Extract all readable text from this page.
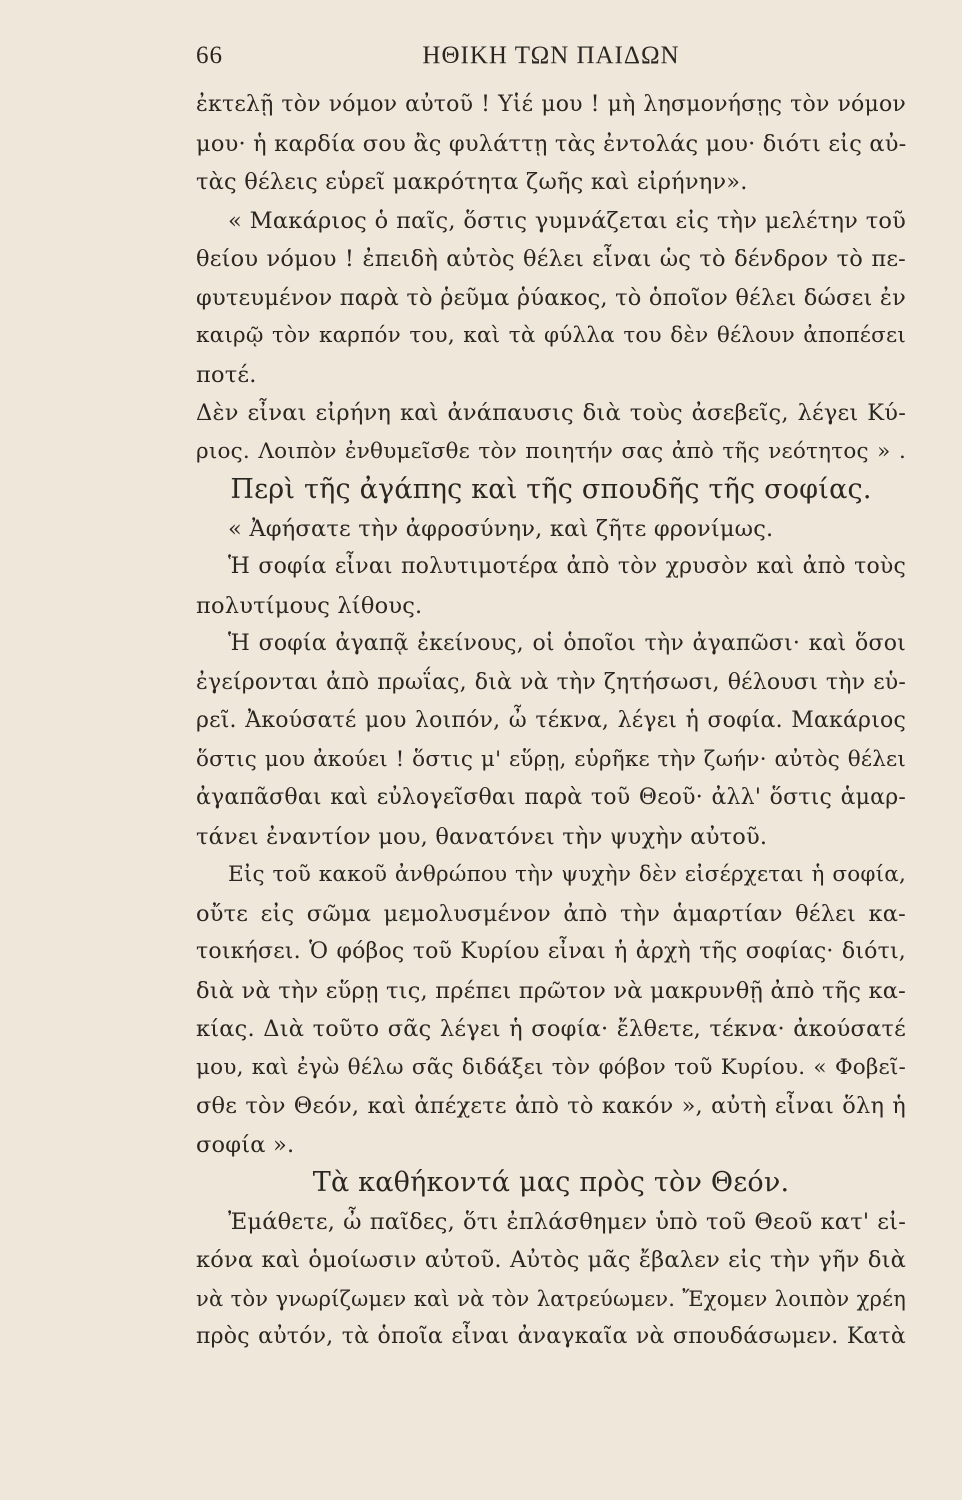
66	ΗΘΙΚΗ ΤΩΝ ΠΑΙΔΩΝ
ἐκτελῇ τὸν νόμον αὐτοῦ ! Υἱέ μου ! μὴ λησμονήσῃς τὸν νόμον
μου· ἡ καρδία σου ἂς φυλάττῃ τὰς ἐντολάς μου· διότι εἰς αὐ-
τὰς θέλεις εὑρεῖ μακρότητα ζωῆς καὶ εἰρήνην».
« Μακάριος ὁ παῖς, ὅστις γυμνάζεται εἰς τὴν μελέτην τοῦ
θείου νόμου ! ἐπειδὴ αὐτὸς θέλει εἶναι ὡς τὸ δένδρον τὸ πε-
φυτευμένον παρὰ τὸ ῥεῦμα ῥύακος, τὸ ὁποῖον θέλει δώσει ἐν
καιρῷ τὸν καρπόν του, καὶ τὰ φύλλα του δὲν θέλουν ἀποπέσει
ποτέ.
Δὲν εἶναι εἰρήνη καὶ ἀνάπαυσις διὰ τοὺς ἀσεβεῖς, λέγει Κύ-
ριος. Λοιπὸν ἐνθυμεῖσθε τὸν ποιητήν σας ἀπὸ τῆς νεότητος » .
Περὶ τῆς ἀγάπης καὶ τῆς σπουδῆς τῆς σοφίας.
« Ἀφήσατε τὴν ἀφροσύνην, καὶ ζῆτε φρονίμως.
Ἡ σοφία εἶναι πολυτιμοτέρα ἀπὸ τὸν χρυσὸν καὶ ἀπὸ τοὺς
πολυτίμους λίθους.
Ἡ σοφία ἀγαπᾷ ἐκείνους, οἱ ὁποῖοι τὴν ἀγαπῶσι· καὶ ὅσοι
ἐγείρονται ἀπὸ πρωΐας, διὰ νὰ τὴν ζητήσωσι, θέλουσι τὴν εὑ-
ρεῖ. Ἀκούσατέ μου λοιπόν, ὦ τέκνα, λέγει ἡ σοφία. Μακάριος
ὅστις μου ἀκούει ! ὅστις μ' εὕρῃ, εὑρῆκε τὴν ζωήν· αὐτὸς θέλει
ἀγαπᾶσθαι καὶ εὐλογεῖσθαι παρὰ τοῦ Θεοῦ· ἀλλ' ὅστις ἁμαρ-
τάνει ἐναντίον μου, θανατόνει τὴν ψυχὴν αὐτοῦ.
Εἰς τοῦ κακοῦ ἀνθρώπου τὴν ψυχὴν δὲν εἰσέρχεται ἡ σοφία,
οὔτε εἰς σῶμα μεμολυσμένον ἀπὸ τὴν ἁμαρτίαν θέλει κα-
τοικήσει. Ὁ φόβος τοῦ Κυρίου εἶναι ἡ ἀρχὴ τῆς σοφίας· διότι,
διὰ νὰ τὴν εὕρῃ τις, πρέπει πρῶτον νὰ μακρυνθῇ ἀπὸ τῆς κα-
κίας. Διὰ τοῦτο σᾶς λέγει ἡ σοφία· ἔλθετε, τέκνα· ἀκούσατέ
μου, καὶ ἐγὼ θέλω σᾶς διδάξει τὸν φόβον τοῦ Κυρίου. « Φοβεῖ-
σθε τὸν Θεόν, καὶ ἀπέχετε ἀπὸ τὸ κακόν », αὐτὴ εἶναι ὅλη ἡ
σοφία ».
Τὰ καθήκοντά μας πρὸς τὸν Θεόν.
Ἐμάθετε, ὦ παῖδες, ὅτι ἐπλάσθημεν ὑπὸ τοῦ Θεοῦ κατ' εἰ-
κόνα καὶ ὁμοίωσιν αὐτοῦ. Αὐτὸς μᾶς ἔβαλεν εἰς τὴν γῆν διὰ
νὰ τὸν γνωρίζωμεν καὶ νὰ τὸν λατρεύωμεν. Ἔχομεν λοιπὸν χρέη
πρὸς αὐτόν, τὰ ὁποῖα εἶναι ἀναγκαῖα νὰ σπουδάσωμεν. Κατὰ
